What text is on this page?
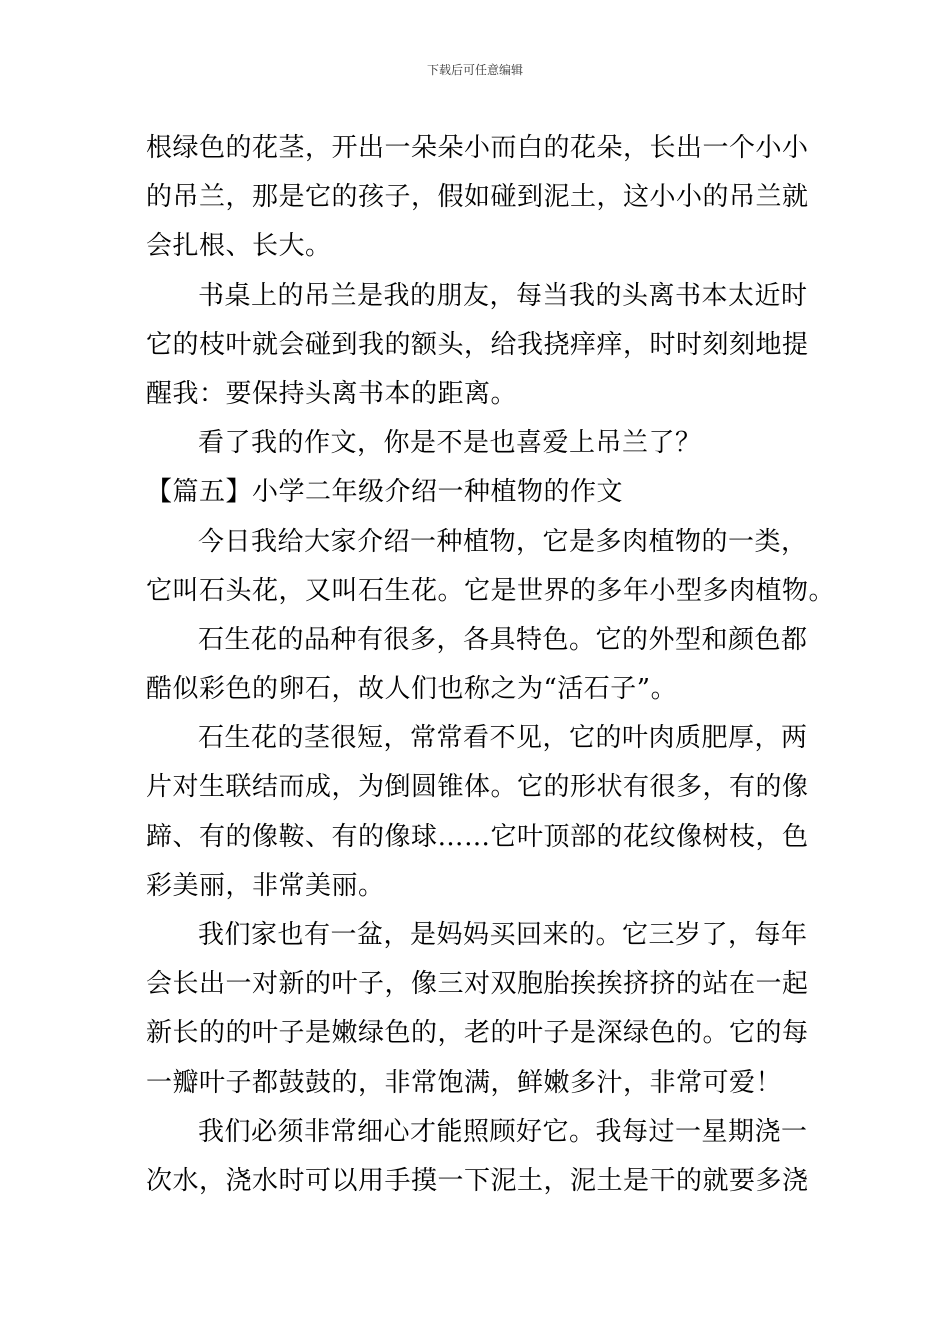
下载后可任意编辑
根绿色的花茎，开出一朵朵小而白的花朵，长出一个小小
的吊兰，那是它的孩子，假如碰到泥土，这小小的吊兰就
会扎根、长大。
书桌上的吊兰是我的朋友，每当我的头离书本太近时
它的枝叶就会碰到我的额头，给我挠痒痒，时时刻刻地提
醒我：要保持头离书本的距离。
看了我的作文，你是不是也喜爱上吊兰了？
【篇五】小学二年级介绍一种植物的作文
今日我给大家介绍一种植物，它是多肉植物的一类，
它叫石头花，又叫石生花。它是世界的多年小型多肉植物。
石生花的品种有很多，各具特色。它的外型和颜色都
酷似彩色的卵石，故人们也称之为“活石子”。
石生花的茎很短，常常看不见，它的叶肉质肥厚，两
片对生联结而成，为倒圆锥体。它的形状有很多，有的像
蹄、有的像鞍、有的像球……它叶顶部的花纹像树枝，色
彩美丽，非常美丽。
我们家也有一盆，是妈妈买回来的。它三岁了，每年
会长出一对新的叶子，像三对双胞胎挨挨挤挤的站在一起
新长的的叶子是嫩绿色的，老的叶子是深绿色的。它的每
一瓣叶子都鼓鼓的，非常饱满，鲜嫩多汁，非常可爱！
我们必须非常细心才能照顾好它。我每过一星期浇一
次水，浇水时可以用手摸一下泥土，泥土是干的就要多浇
